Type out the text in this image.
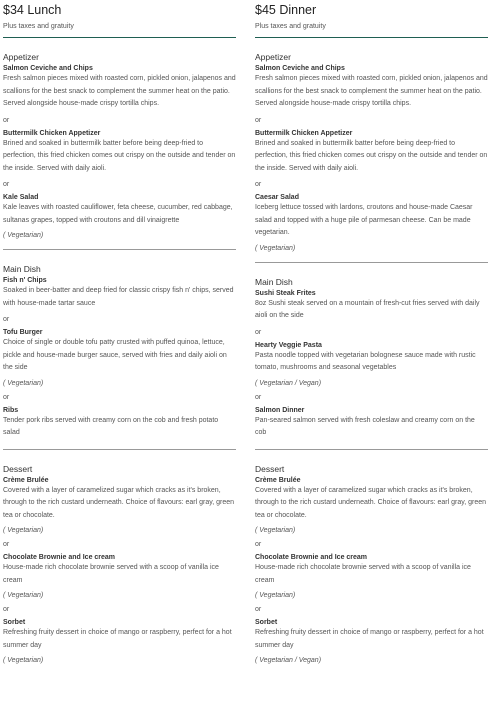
$34 Lunch
Plus taxes and gratuity
Appetizer
Salmon Ceviche and Chips
Fresh salmon pieces mixed with roasted corn, pickled onion, jalapenos and scallions for the best snack to complement the summer heat on the patio. Served alongside house-made crispy tortilla chips.
or
Buttermilk Chicken Appetizer
Brined and soaked in buttermilk batter before being deep-fried to perfection, this fried chicken comes out crispy on the outside and tender on the inside. Served with daily aioli.
or
Kale Salad
Kale leaves with roasted cauliflower, feta cheese, cucumber, red cabbage, sultanas grapes, topped with croutons and dill vinaigrette
( Vegetarian)
Main Dish
Fish n' Chips
Soaked in beer-batter and deep fried for classic crispy fish n' chips, served with house-made tartar sauce
or
Tofu Burger
Choice of single or double tofu patty crusted with puffed quinoa, lettuce, pickle and house-made burger sauce, served with fries and daily aioli on the side
( Vegetarian)
or
Ribs
Tender pork ribs served with creamy corn on the cob and fresh potato salad
Dessert
Crème Brulée
Covered with a layer of caramelized sugar which cracks as it's broken, through to the rich custard underneath. Choice of flavours: earl gray, green tea or chocolate.
( Vegetarian)
or
Chocolate Brownie and Ice cream
House-made rich chocolate brownie served with a scoop of vanilla ice cream
( Vegetarian)
or
Sorbet
Refreshing fruity dessert in choice of mango or raspberry, perfect for a hot summer day
( Vegetarian)
$45 Dinner
Plus taxes and gratuity
Appetizer
Salmon Ceviche and Chips
Fresh salmon pieces mixed with roasted corn, pickled onion, jalapenos and scallions for the best snack to complement the summer heat on the patio. Served alongside house-made crispy tortilla chips.
or
Buttermilk Chicken Appetizer
Brined and soaked in buttermilk batter before being deep-fried to perfection, this fried chicken comes out crispy on the outside and tender on the inside. Served with daily aioli.
or
Caesar Salad
Iceberg lettuce tossed with lardons, croutons and house-made Caesar salad and topped with a huge pile of parmesan cheese. Can be made vegetarian.
( Vegetarian)
Main Dish
Sushi Steak Frites
8oz Sushi steak served on a mountain of fresh-cut fries served with daily aioli on the side
or
Hearty Veggie Pasta
Pasta noodle topped with vegetarian bolognese sauce made with rustic tomato, mushrooms and seasonal vegetables
( Vegetarian / Vegan)
or
Salmon Dinner
Pan-seared salmon served with fresh coleslaw and creamy corn on the cob
Dessert
Crème Brulée
Covered with a layer of caramelized sugar which cracks as it's broken, through to the rich custard underneath. Choice of flavours: earl gray, green tea or chocolate.
( Vegetarian)
or
Chocolate Brownie and Ice cream
House-made rich chocolate brownie served with a scoop of vanilla ice cream
( Vegetarian)
or
Sorbet
Refreshing fruity dessert in choice of mango or raspberry, perfect for a hot summer day
( Vegetarian / Vegan)
